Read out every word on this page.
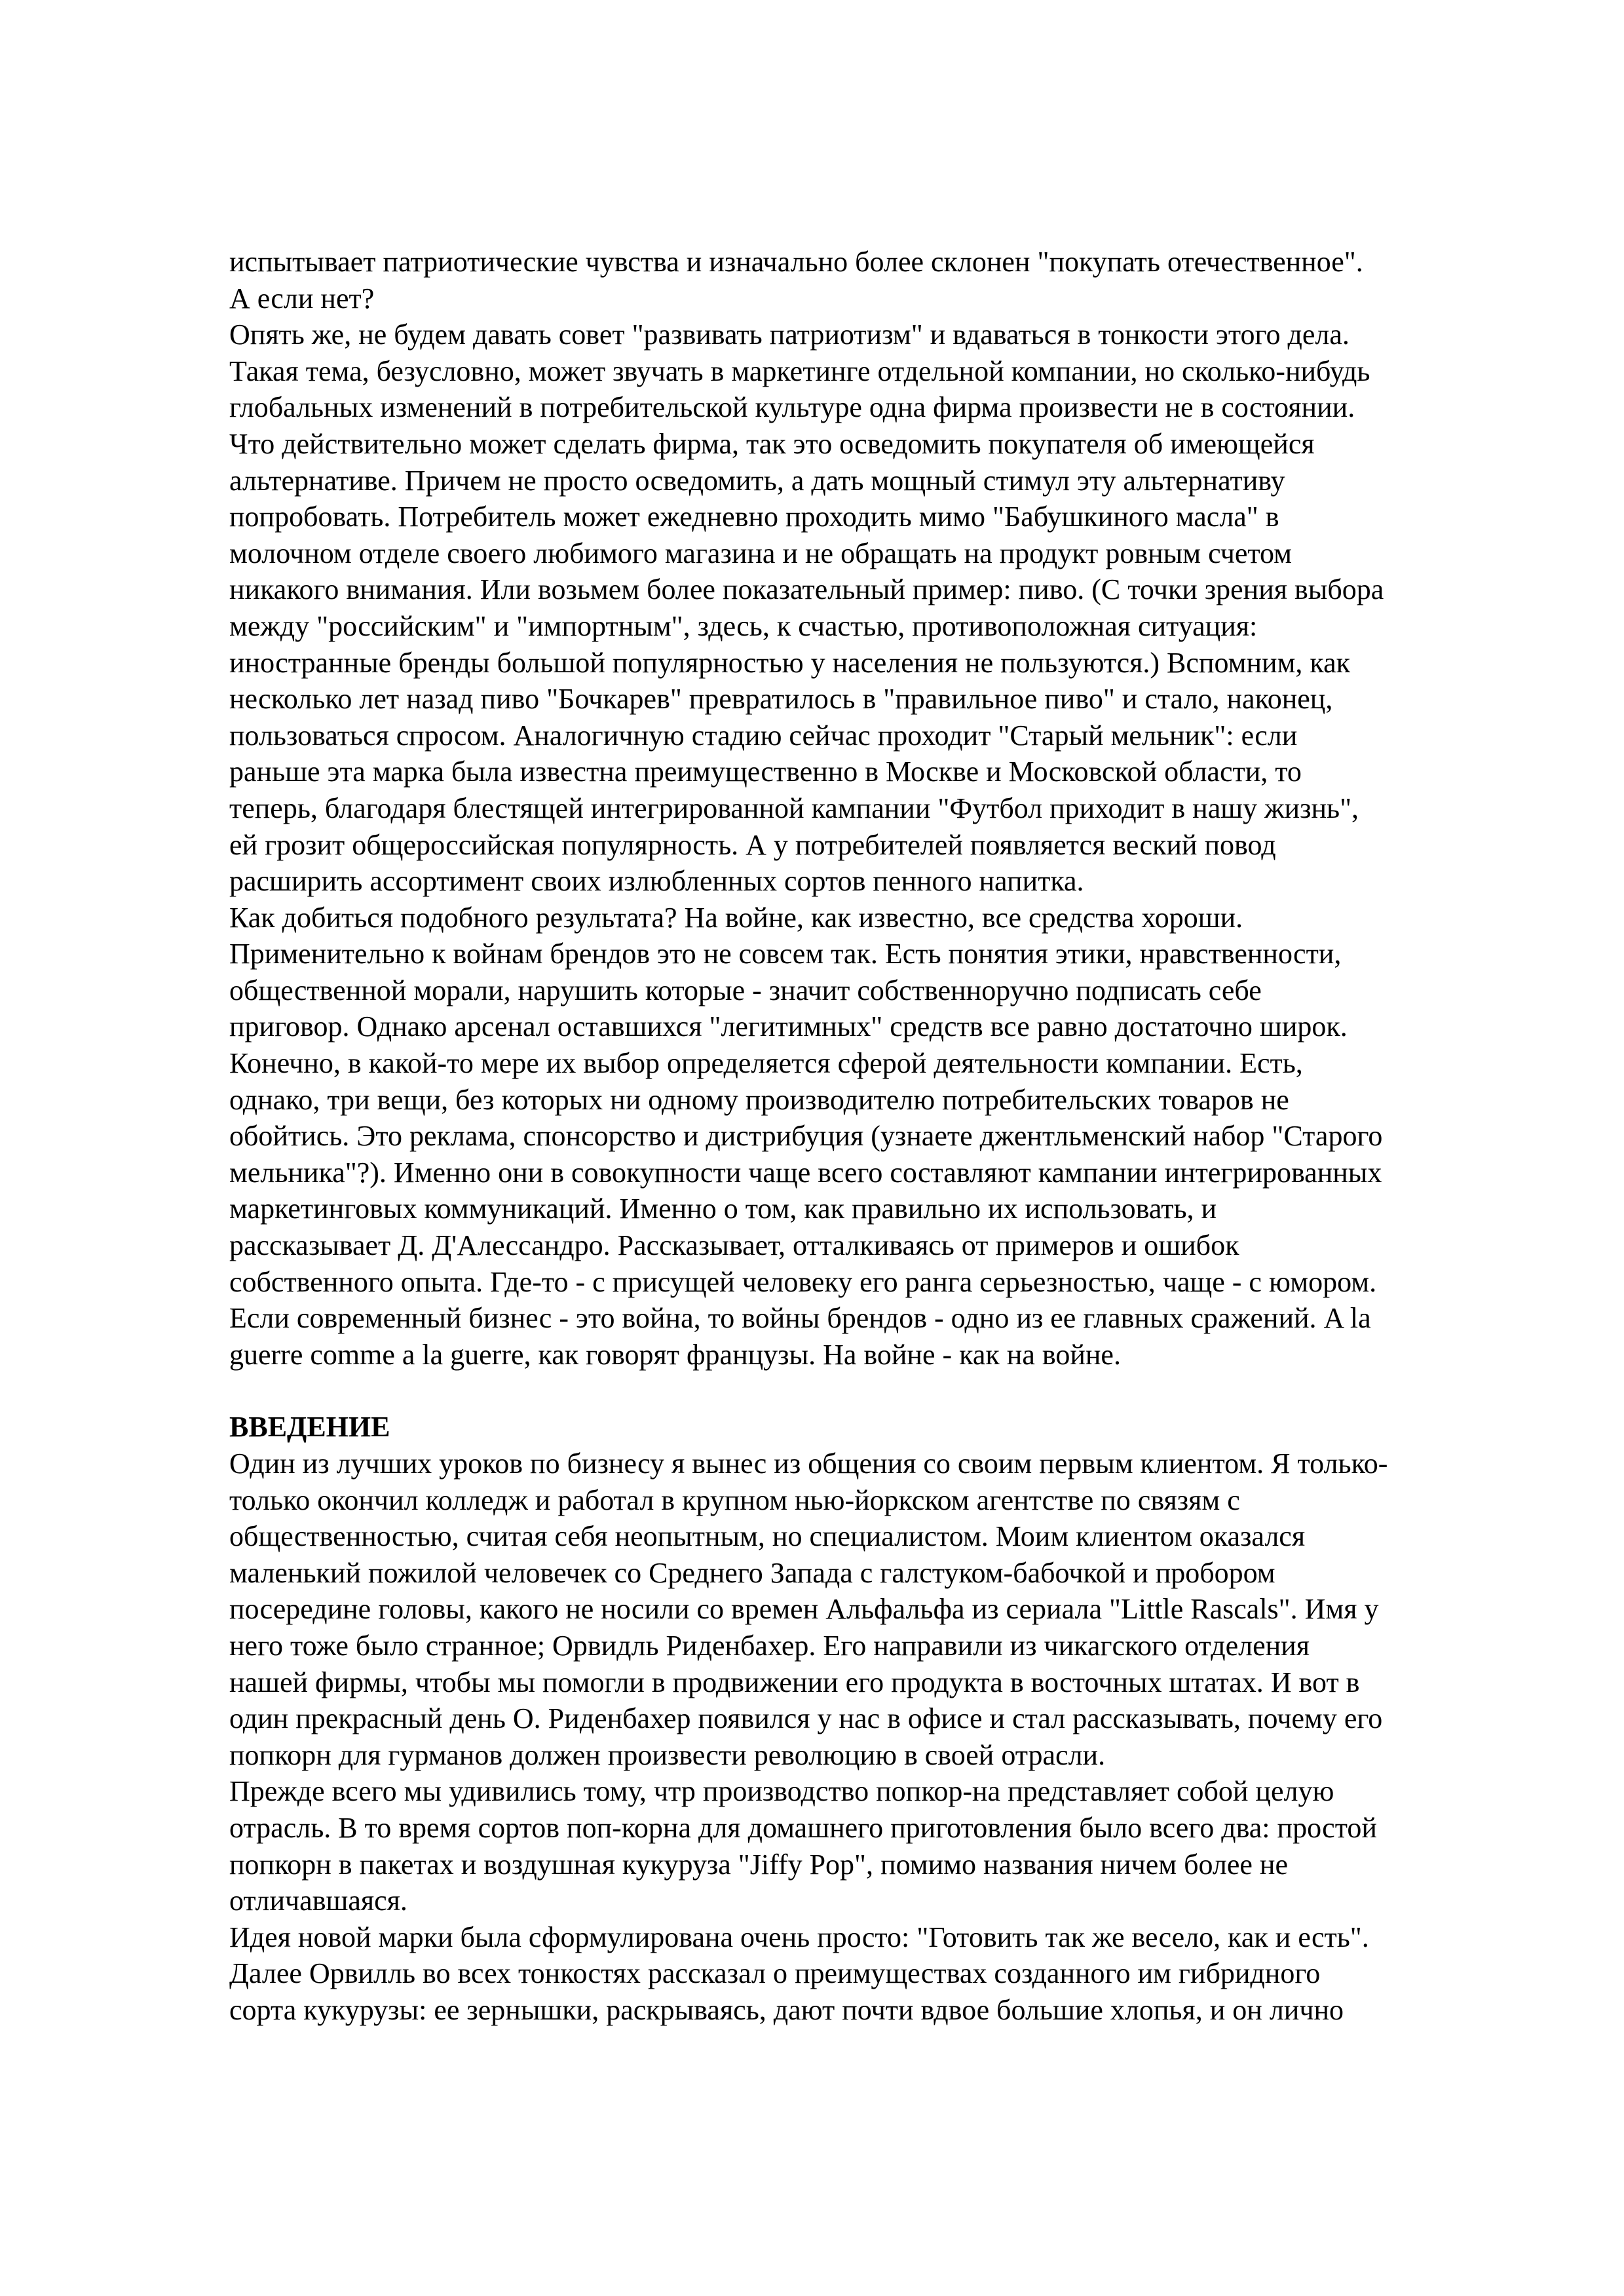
испытывает патриотические чувства и изначально более склонен "покупать отечественное".
А если нет?
Опять же, не будем давать совет "развивать патриотизм" и вдаваться в тонкости этого дела.
Такая тема, безусловно, может звучать в маркетинге отдельной компании, но сколько-нибудь
глобальных изменений в потребительской культуре одна фирма произвести не в состоянии.
Что действительно может сделать фирма, так это осведомить покупателя об имеющейся
альтернативе. Причем не просто осведомить, а дать мощный стимул эту альтернативу
попробовать. Потребитель может ежедневно проходить мимо "Бабушкиного масла" в
молочном отделе своего любимого магазина и не обращать на продукт ровным счетом
никакого внимания. Или возьмем более показательный пример: пиво. (С точки зрения выбора
между "российским" и "импортным", здесь, к счастью, противоположная ситуация:
иностранные бренды большой популярностью у населения не пользуются.) Вспомним, как
несколько лет назад пиво "Бочкарев" превратилось в "правильное пиво" и стало, наконец,
пользоваться спросом. Аналогичную стадию сейчас проходит "Старый мельник": если
раньше эта марка была известна преимущественно в Москве и Московской области, то
теперь, благодаря блестящей интегрированной кампании "Футбол приходит в нашу жизнь",
ей грозит общероссийская популярность. А у потребителей появляется веский повод
расширить ассортимент своих излюбленных сортов пенного напитка.
Как добиться подобного результата? На войне, как известно, все средства хороши.
Применительно к войнам брендов это не совсем так. Есть понятия этики, нравственности,
общественной морали, нарушить которые - значит собственноручно подписать себе
приговор. Однако арсенал оставшихся "легитимных" средств все равно достаточно широк.
Конечно, в какой-то мере их выбор определяется сферой деятельности компании. Есть,
однако, три вещи, без которых ни одному производителю потребительских товаров не
обойтись. Это реклама, спонсорство и дистрибуция (узнаете джентльменский набор "Старого
мельника"?). Именно они в совокупности чаще всего составляют кампании интегрированных
маркетинговых коммуникаций. Именно о том, как правильно их использовать, и
рассказывает Д. Д'Алессандро. Рассказывает, отталкиваясь от примеров и ошибок
собственного опыта. Где-то - с присущей человеку его ранга серьезностью, чаще - с юмором.
Если современный бизнес - это война, то войны брендов - одно из ее главных сражений. A la
guerre comme a la guerre, как говорят французы. На войне - как на войне.
ВВЕДЕНИЕ
Один из лучших уроков по бизнесу я вынес из общения со своим первым клиентом. Я только-
только окончил колледж и работал в крупном нью-йоркском агентстве по связям с
общественностью, считая себя неопытным, но специалистом. Моим клиентом оказался
маленький пожилой человечек со Среднего Запада с галстуком-бабочкой и пробором
посередине головы, какого не носили со времен Альфальфа из сериала "Little Rascals". Имя у
него тоже было странное; Орвидль Риденбахер. Его направили из чикагского отделения
нашей фирмы, чтобы мы помогли в продвижении его продукта в восточных штатах. И вот в
один прекрасный день О. Риденбахер появился у нас в офисе и стал рассказывать, почему его
попкорн для гурманов должен произвести революцию в своей отрасли.
Прежде всего мы удивились тому, чтр производство попкор-на представляет собой целую
отрасль. В то время сортов поп-корна для домашнего приготовления было всего два: простой
попкорн в пакетах и воздушная кукуруза "Jiffy Pop", помимо названия ничем более не
отличавшаяся.
Идея новой марки была сформулирована очень просто: "Готовить так же весело, как и есть".
Далее Орвилль во всех тонкостях рассказал о преимуществах созданного им гибридного
сорта кукурузы: ее зернышки, раскрываясь, дают почти вдвое большие хлопья, и он лично
